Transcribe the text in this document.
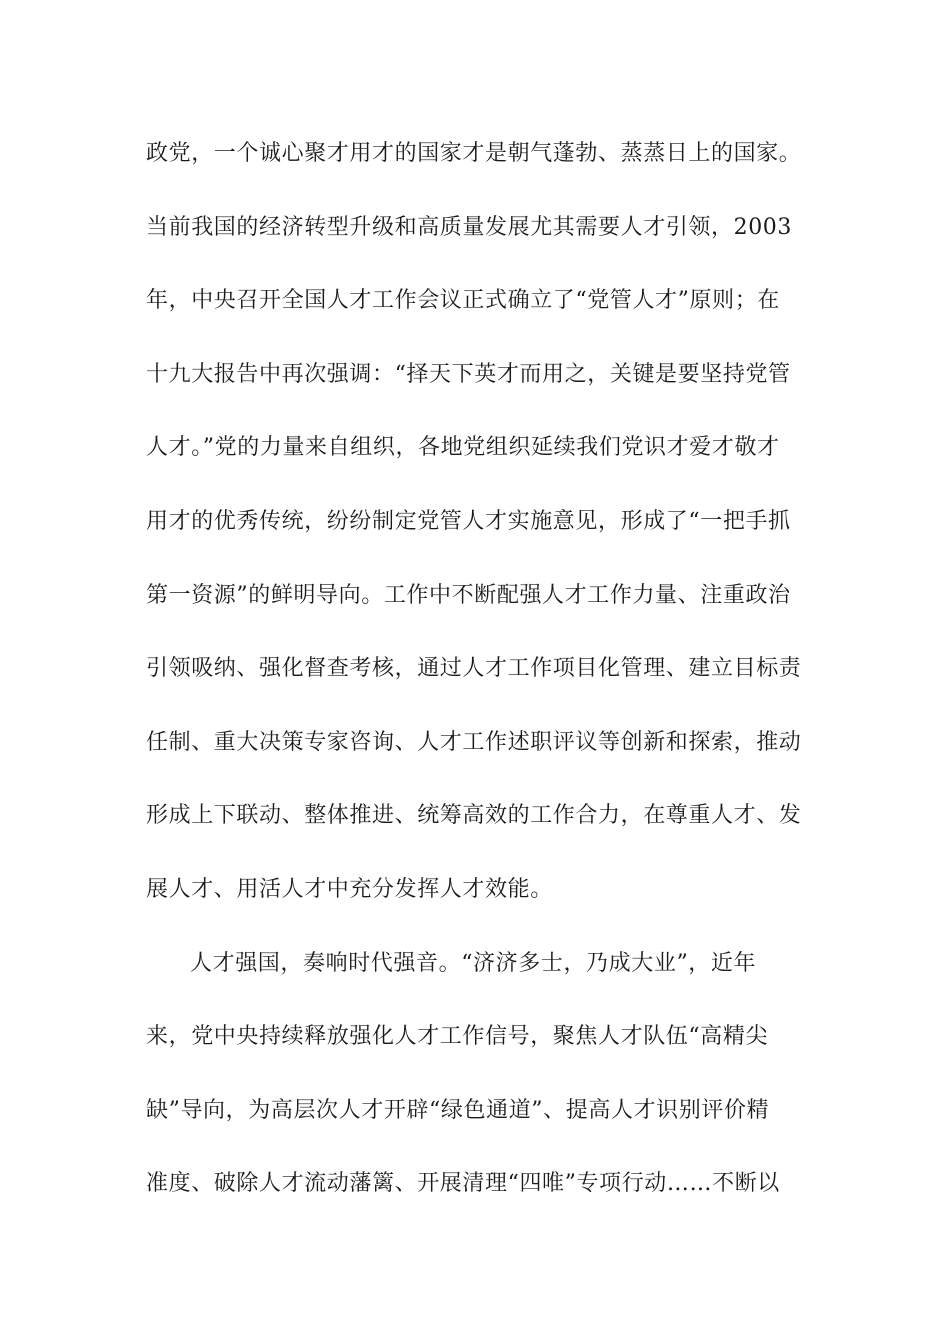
政党，一个诚心聚才用才的国家才是朝气蓬勃、蒸蒸日上的国家。
当前我国的经济转型升级和高质量发展尤其需要人才引领，2003
年，中央召开全国人才工作会议正式确立了“党管人才”原则；在
十九大报告中再次强调：“择天下英才而用之，关键是要坚持党管
人才。”党的力量来自组织，各地党组织延续我们党识才爱才敬才
用才的优秀传统，纷纷制定党管人才实施意见，形成了“一把手抓
第一资源”的鲜明导向。工作中不断配强人才工作力量、注重政治
引领吸纳、强化督查考核，通过人才工作项目化管理、建立目标责
任制、重大决策专家咨询、人才工作述职评议等创新和探索，推动
形成上下联动、整体推进、统筹高效的工作合力，在尊重人才、发
展人才、用活人才中充分发挥人才效能。
人才强国，奏响时代强音。“济济多士，乃成大业”，近年
来，党中央持续释放强化人才工作信号，聚焦人才队伍“高精尖
缺”导向，为高层次人才开辟“绿色通道”、提高人才识别评价精
准度、破除人才流动藩篱、开展清理“四唯”专项行动……不断以
